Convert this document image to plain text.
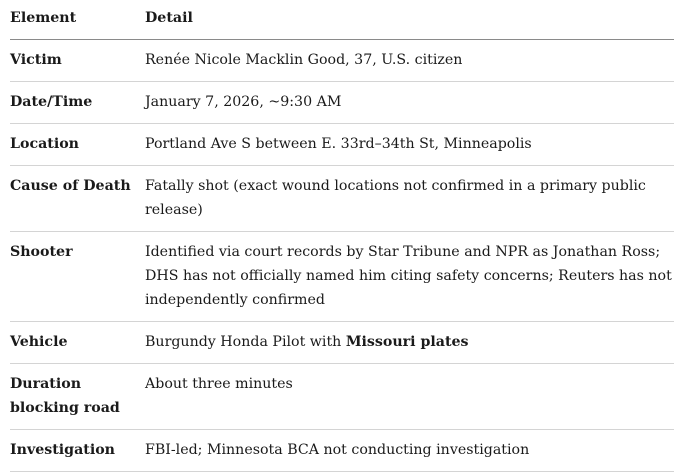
Element	Detail
Victim	Renée Nicole Macklin Good, 37, U.S. citizen
Date/Time	January 7, 2026, ~9:30 AM
Location	Portland Ave S between E. 33rd–34th St, Minneapolis
Cause of Death	Fatally shot (exact wound locations not confirmed in a primary public release)
Shooter	Identified via court records by Star Tribune and NPR as Jonathan Ross; DHS has not officially named him citing safety concerns; Reuters has not independently confirmed
Vehicle	Burgundy Honda Pilot with Missouri plates
Duration blocking road	About three minutes
Investigation	FBI-led; Minnesota BCA not conducting investigation
